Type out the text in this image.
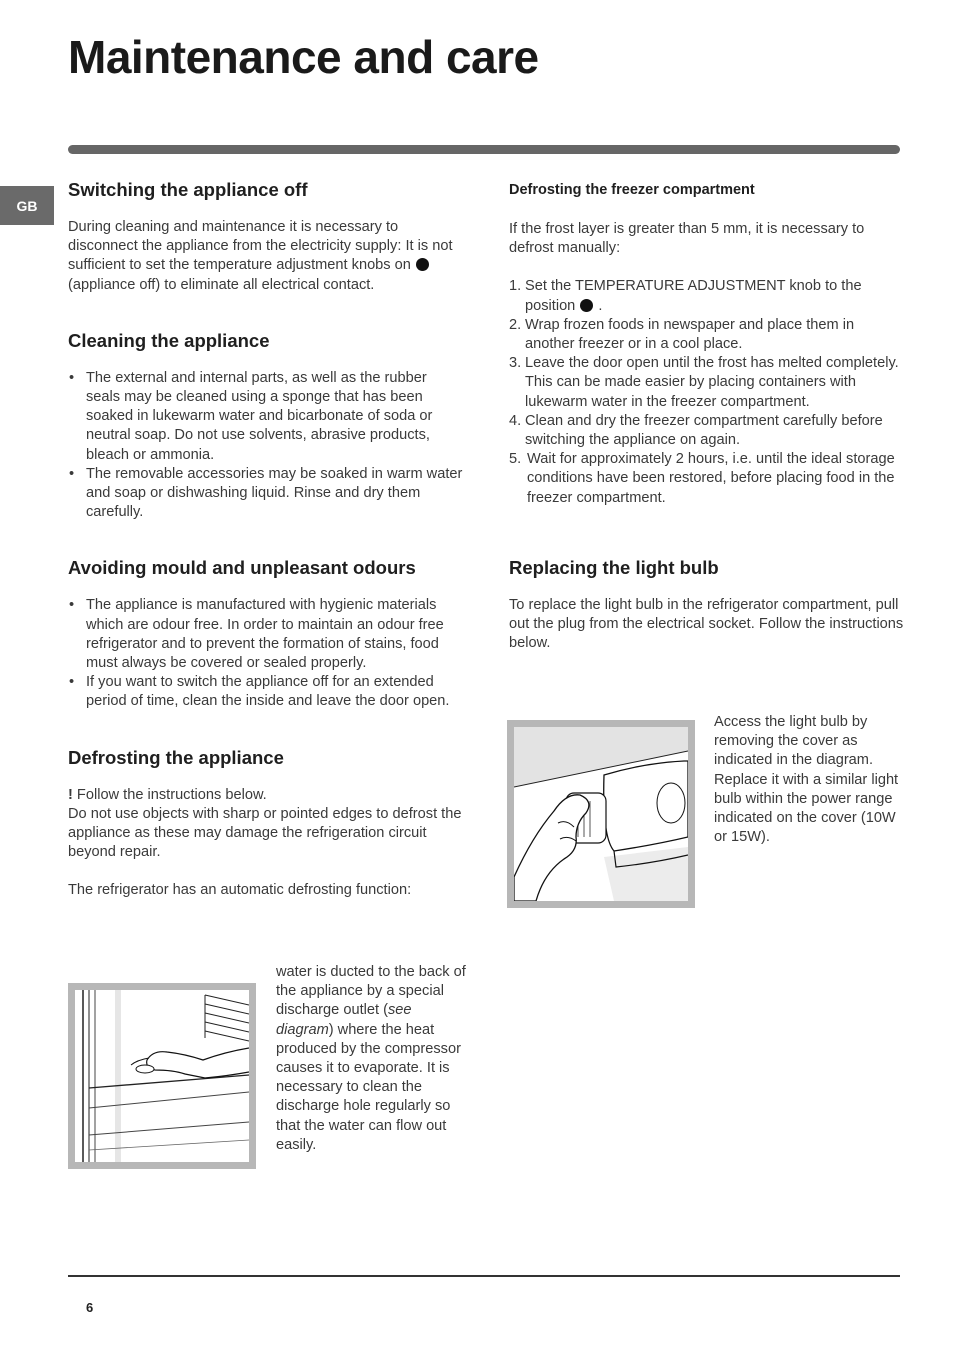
Maintenance and care
GB
Switching the appliance off

During cleaning and maintenance it is necessary to disconnect the appliance from the electricity supply: It is not sufficient to set the temperature adjustment knobs on  (appliance off) to eliminate all electrical contact.

Cleaning the appliance
• The external and internal parts, as well as the rubber seals may be cleaned using a sponge that has been soaked in lukewarm water and bicarbonate of soda or neutral soap. Do not use solvents, abrasive products, bleach or ammonia.
• The removable accessories may be soaked in warm water and soap or dishwashing liquid. Rinse and dry them carefully.
Avoiding mould and unpleasant odours
• The appliance is manufactured with hygienic materials which are odour free. In order to maintain an odour free refrigerator and to prevent the formation of stains, food must always be covered or sealed properly.
• If you want to switch the appliance off for an extended period of time, clean the inside and leave the door open.
Defrosting the appliance

! Follow the instructions below.

Do not use objects with sharp or pointed edges to defrost the appliance as these may damage the refrigeration circuit beyond repair.

The refrigerator has an automatic defrosting function:

water is ducted to the back of the appliance by a special discharge outlet (see diagram) where the heat produced by the compressor causes it to evaporate. It is necessary to clean the discharge hole regularly so that the water can flow out easily.
Defrosting the freezer compartment

If the frost layer is greater than 5 mm, it is necessary to defrost manually:

1. Set the TEMPERATURE ADJUSTMENT knob to the position  .
2. Wrap frozen foods in newspaper and place them in another freezer or in a cool place.
3. Leave the door open until the frost has melted completely. This can be made easier by placing containers with lukewarm water in the freezer compartment.
4. Clean and dry the freezer compartment carefully before switching the appliance on again.
5. Wait for approximately 2 hours, i.e. until the ideal storage conditions have been restored, before placing food in the freezer compartment.
Replacing the light bulb

To replace the light bulb in the refrigerator compartment, pull out the plug from the electrical socket. Follow the instructions below.

Access the light bulb by removing the cover as indicated in the diagram. Replace it with a similar light bulb within the power range indicated on the cover (10W or 15W).
6
